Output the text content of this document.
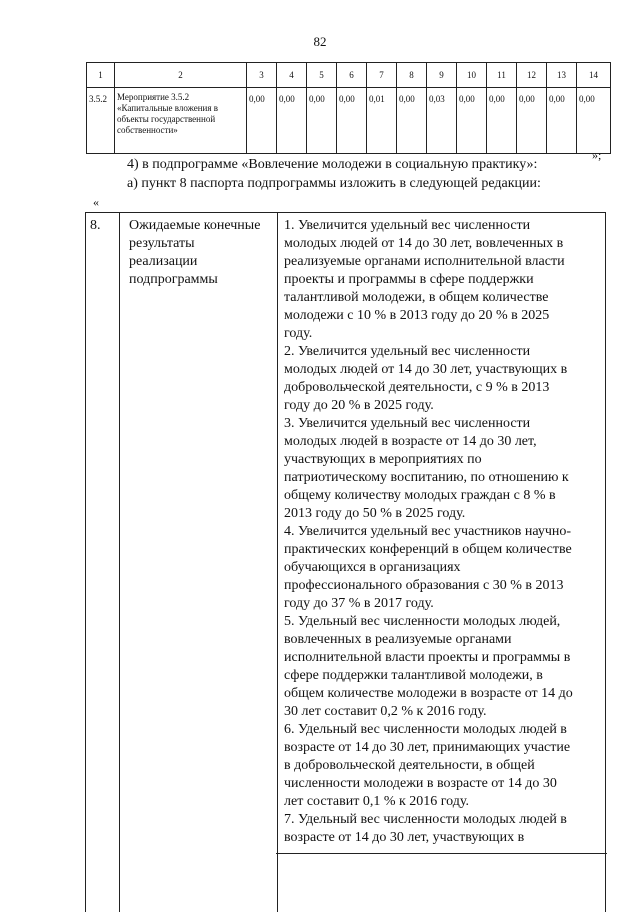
82
1	2	3	4	5	6	7	8	9	10	11	12	13	14
3.5.2	Мероприятие 3.5.2
«Капитальные вложения в
объекты государственной
собственности»	0,00	0,00	0,00	0,00	0,01	0,00	0,03	0,00	0,00	0,00	0,00	0,00
»;
4) в подпрограмме «Вовлечение молодежи в социальную практику»:
а) пункт 8 паспорта подпрограммы изложить в следующей редакции:
«
8.	Ожидаемые конечные
результаты
реализации
подпрограммы

1. Увеличится удельный вес численности

молодых людей от 14 до 30 лет, вовлеченных в

реализуемые органами исполнительной власти

проекты и программы в сфере поддержки

талантливой молодежи, в общем количестве

молодежи с 10 % в 2013 году до 20 % в 2025

году.

2. Увеличится удельный вес численности

молодых людей от 14 до 30 лет, участвующих в

добровольческой деятельности, с 9 % в 2013

году до 20 % в 2025 году.

3. Увеличится удельный вес численности

молодых людей в возрасте от 14 до 30 лет,

участвующих в мероприятиях по

патриотическому воспитанию, по отношению к

общему количеству молодых граждан с 8 % в

2013 году до 50 % в 2025 году.

4. Увеличится удельный вес участников научно-

практических конференций в общем количестве

обучающихся в организациях

профессионального образования с 30 % в 2013

году до 37 % в 2017 году.

5. Удельный вес численности молодых людей,

вовлеченных в реализуемые органами

исполнительной власти проекты и программы в

сфере поддержки талантливой молодежи, в

общем количестве молодежи в возрасте от 14 до

30 лет составит 0,2 % к 2016 году.

6. Удельный вес численности молодых людей в

возрасте от 14 до 30 лет, принимающих участие

в добровольческой деятельности, в общей

численности молодежи в возрасте от 14 до 30

лет составит 0,1 % к 2016 году.

7. Удельный вес численности молодых людей в

возрасте от 14 до 30 лет, участвующих в
